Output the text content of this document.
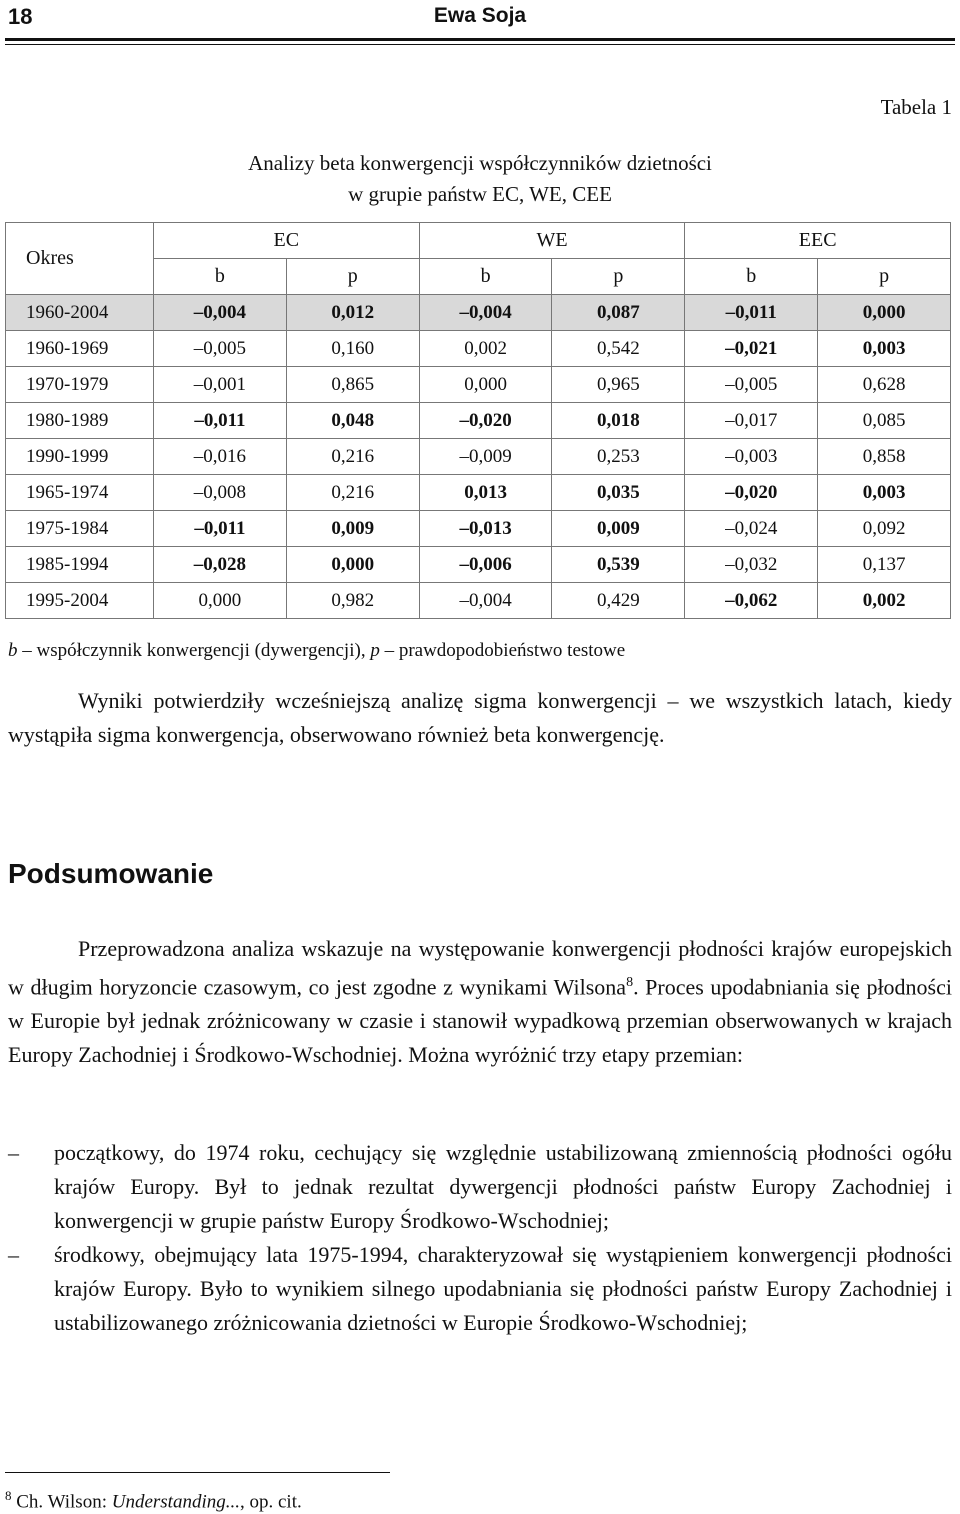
18	Ewa Soja
Tabela 1
Analizy beta konwergencji współczynników dzietności
w grupie państw EC, WE, CEE
Okres	EC		WE		EEC	
	b	p	b	p	b	p
1960-2004	–0,004	0,012	–0,004	0,087	–0,011	0,000
1960-1969	–0,005	0,160	0,002	0,542	–0,021	0,003
1970-1979	–0,001	0,865	0,000	0,965	–0,005	0,628
1980-1989	–0,011	0,048	–0,020	0,018	–0,017	0,085
1990-1999	–0,016	0,216	–0,009	0,253	–0,003	0,858
1965-1974	–0,008	0,216	0,013	0,035	–0,020	0,003
1975-1984	–0,011	0,009	–0,013	0,009	–0,024	0,092
1985-1994	–0,028	0,000	–0,006	0,539	–0,032	0,137
1995-2004	0,000	0,982	–0,004	0,429	–0,062	0,002
b – współczynnik konwergencji (dywergencji), p – prawdopodobieństwo testowe

Wyniki potwierdziły wcześniejszą analizę sigma konwergencji – we wszystkich latach, kiedy wystąpiła sigma konwergencja, obserwowano również beta konwergencję.

Podsumowanie

Przeprowadzona analiza wskazuje na występowanie konwergencji płodności krajów europejskich w długim horyzoncie czasowym, co jest zgodne z wynikami Wilsona$^8$. Proces upodabniania się płodności w Europie był jednak zróżnicowany w czasie i stanowił wypadkową przemian obserwowanych w krajach Europy Zachodniej i Środkowo-Wschodniej. Można wyróżnić trzy etapy przemian:

– początkowy, do 1974 roku, cechujący się względnie ustabilizowaną zmiennością płodności ogółu krajów Europy. Był to jednak rezultat dywergencji płodności państw Europy Zachodniej i konwergencji w grupie państw Europy Środkowo-Wschodniej;
– środkowy, obejmujący lata 1975-1994, charakteryzował się wystąpieniem konwergencji płodności krajów Europy. Było to wynikiem silnego upodabniania się płodności państw Europy Zachodniej i ustabilizowanego zróżnicowania dzietności w Europie Środkowo-Wschodniej;
$^8$ Ch. Wilson: Understanding..., op. cit.
